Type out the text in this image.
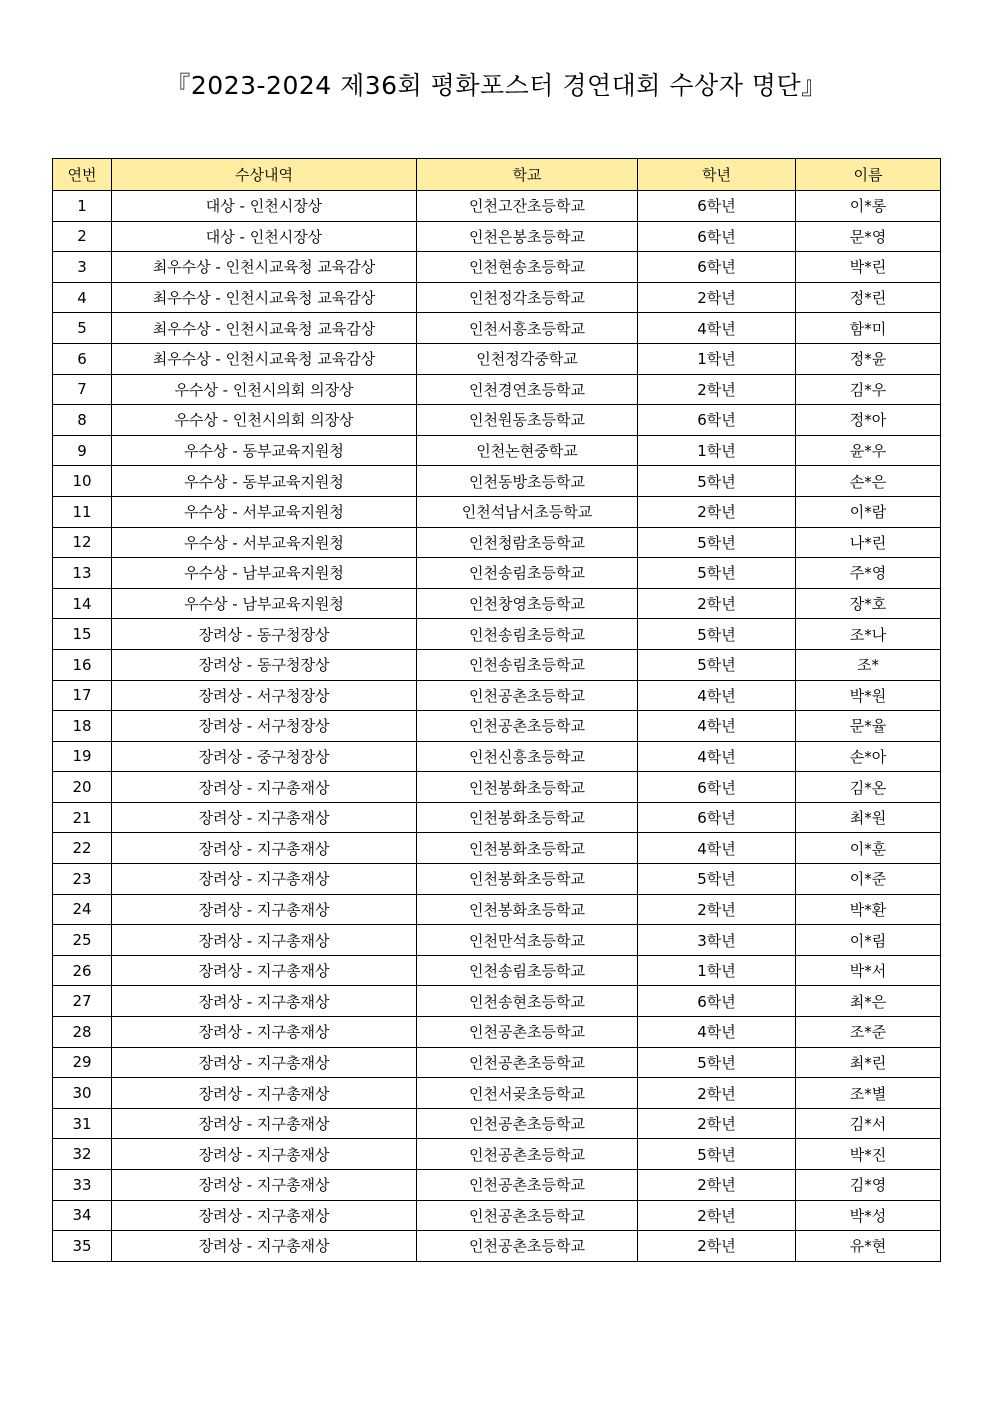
『2023-2024 제36회 평화포스터 경연대회 수상자 명단』
연번	수상내역	학교	학년	이름
1	대상 - 인천시장상	인천고잔초등학교	6학년	이*롱
2	대상 - 인천시장상	인천은봉초등학교	6학년	문*영
3	최우수상 - 인천시교육청 교육감상	인천현송초등학교	6학년	박*린
4	최우수상 - 인천시교육청 교육감상	인천정각초등학교	2학년	정*린
5	최우수상 - 인천시교육청 교육감상	인천서흥초등학교	4학년	함*미
6	최우수상 - 인천시교육청 교육감상	인천정각중학교	1학년	정*윤
7	우수상 - 인천시의회 의장상	인천경연초등학교	2학년	김*우
8	우수상 - 인천시의회 의장상	인천원동초등학교	6학년	정*아
9	우수상 - 동부교육지원청	인천논현중학교	1학년	윤*우
10	우수상 - 동부교육지원청	인천동방초등학교	5학년	손*은
11	우수상 - 서부교육지원청	인천석남서초등학교	2학년	이*람
12	우수상 - 서부교육지원청	인천청람초등학교	5학년	나*린
13	우수상 - 남부교육지원청	인천송림초등학교	5학년	주*영
14	우수상 - 남부교육지원청	인천창영초등학교	2학년	장*호
15	장려상 - 동구청장상	인천송림초등학교	5학년	조*나
16	장려상 - 동구청장상	인천송림초등학교	5학년	조*
17	장려상 - 서구청장상	인천공촌초등학교	4학년	박*원
18	장려상 - 서구청장상	인천공촌초등학교	4학년	문*율
19	장려상 - 중구청장상	인천신흥초등학교	4학년	손*아
20	장려상 - 지구총재상	인천봉화초등학교	6학년	김*온
21	장려상 - 지구총재상	인천봉화초등학교	6학년	최*원
22	장려상 - 지구총재상	인천봉화초등학교	4학년	이*훈
23	장려상 - 지구총재상	인천봉화초등학교	5학년	이*준
24	장려상 - 지구총재상	인천봉화초등학교	2학년	박*환
25	장려상 - 지구총재상	인천만석초등학교	3학년	이*림
26	장려상 - 지구총재상	인천송림초등학교	1학년	박*서
27	장려상 - 지구총재상	인천송현초등학교	6학년	최*은
28	장려상 - 지구총재상	인천공촌초등학교	4학년	조*준
29	장려상 - 지구총재상	인천공촌초등학교	5학년	최*린
30	장려상 - 지구총재상	인천서곶초등학교	2학년	조*별
31	장려상 - 지구총재상	인천공촌초등학교	2학년	김*서
32	장려상 - 지구총재상	인천공촌초등학교	5학년	박*진
33	장려상 - 지구총재상	인천공촌초등학교	2학년	김*영
34	장려상 - 지구총재상	인천공촌초등학교	2학년	박*성
35	장려상 - 지구총재상	인천공촌초등학교	2학년	유*현
